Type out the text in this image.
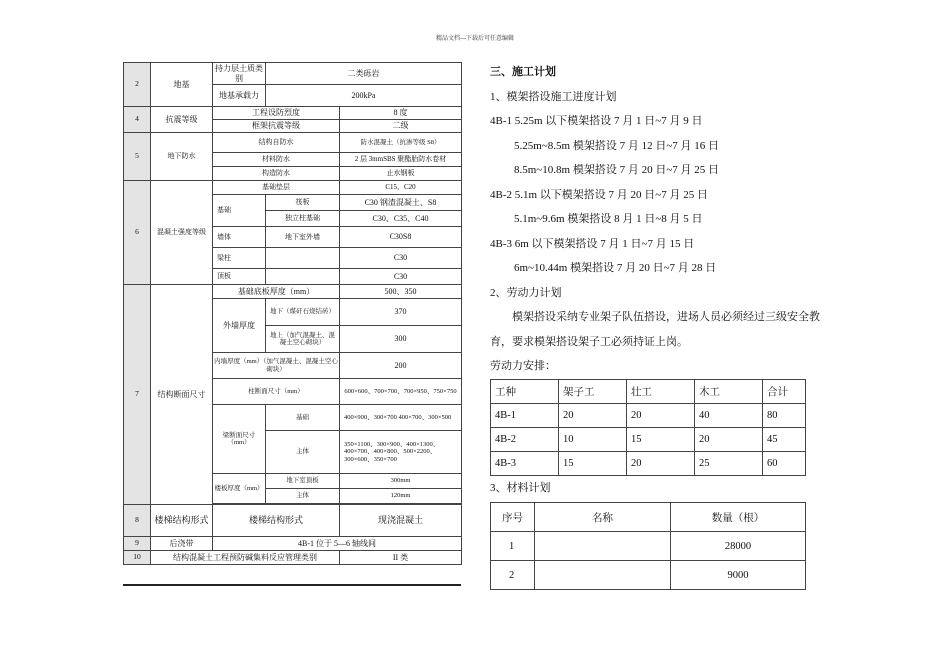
精品文档---下载后可任意编辑
2	地基	持力层土质类别	二类砾岩	
		地基承载力	200kPa	
4	抗震等级	工程设防烈度		8 度
		框架抗震等级		二级
5	地下防水	结构自防水		防水混凝土（抗渗等级 S8）
		材料防水		2 层 3mmSBS 聚酯胎防水卷材
		构造防水		止水钢板
6	混凝土强度等级	基础垫层		C15、C20
		基础	筏板	C30 钢渣混凝土、S8
			独立柱基础	C30、C35、C40
		墙体	地下室外墙	C30S8
		梁柱		C30
		顶板		C30
7	结构断面尺寸	基础底板厚度（mm）		500、350
		外墙厚度	地下（煤矸石烧结砖）	370
			地上（加气混凝土、混凝土空心砌块）	300
		内墙厚度（mm）（加气混凝土、混凝土空心砌块）		200
		柱断面尺寸（mm）		600×600、700×700、700×950、750×750
		梁断面尺寸（mm）	基础	400×900、300×700 400×700、300×500
			主体	350×1100、300×900、400×1300、400×700、400×800、500×2200、300×600、350×700
		楼板厚度（mm）	地下室顶板	300mm
			主体	120mm

8	楼梯结构形式	楼梯结构形式		现浇混凝土
9	后浇带	4B-1 位于 5—6 轴线间		
10	结构混凝土工程预防碱集料反应管理类别			II 类
三、施工计划
1、模架搭设施工进度计划
4B-1 5.25m 以下模架搭设 7 月 1 日~7 月 9 日
5.25m~8.5m 模架搭设 7 月 12 日~7 月 16 日
8.5m~10.8m 模架搭设 7 月 20 日~7 月 25 日
4B-2 5.1m 以下模架搭设 7 月 20 日~7 月 25 日
5.1m~9.6m 模架搭设 8 月 1 日~8 月 5 日
4B-3 6m 以下模架搭设 7 月 1 日~7 月 15 日
6m~10.44m 模架搭设 7 月 20 日~7 月 28 日
2、劳动力计划
模架搭设采纳专业架子队伍搭设，进场人员必须经过三级安全教育，要求模架搭设架子工必须持证上岗。
劳动力安排：
工种	架子工	壮工	木工	合计
4B-1	20	20	40	80
4B-2	10	15	20	45
4B-3	15	20	25	60
3、材料计划
序号	名称	数量（根）
1		28000
2		9000
